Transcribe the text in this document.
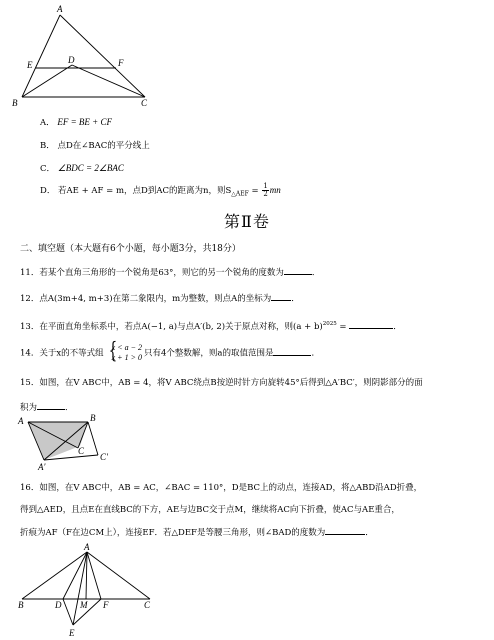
A
B	C
D
E	F
A． EF = BE + CF
B． 点D在∠BAC的平分线上
C． ∠BDC = 2∠BAC
D． 若AE + AF = m，点D到AC的距离为n，则$S_{\triangle AEF} = \frac{1}{2}$ mn
第Ⅱ卷
二、填空题（本大题有6个小题，每小题3分，共18分）
11．若某个直角三角形的一个锐角是63°，则它的另一个锐角的度数为	．
12．点A(3m+4, m+3)在第二象限内，m为整数，则点A的坐标为 ．
13．在平面直角坐标系中，若点A(−1, a)与点A′(b, 2)关于原点对称，则$(a + b)^{2025}$ =	．
14．关于x的不等式组 {
x < a − 2
x + 1 > 0 只有4个整数解，则a的取值范围是	．
15．如图，在V ABC中，AB = 4，将V ABC绕点B按逆时针方向旋转45°后得到△A′BC′，则阴影部分的面
积为	．
A	B
C
A′
C′
16．如图，在V ABC中，AB = AC，∠BAC = 110°，D是BC上的动点，连接AD，将△ABD沿AD折叠，
得到△AED，且点E在直线BC的下方，AE与边BC交于点M，继续将AC向下折叠，使AC与AE重合，
折痕为AF（F在边CM上），连接EF．若△DEF是等腰三角形，则∠BAD的度数为	．
A
B	C
D M F
E
